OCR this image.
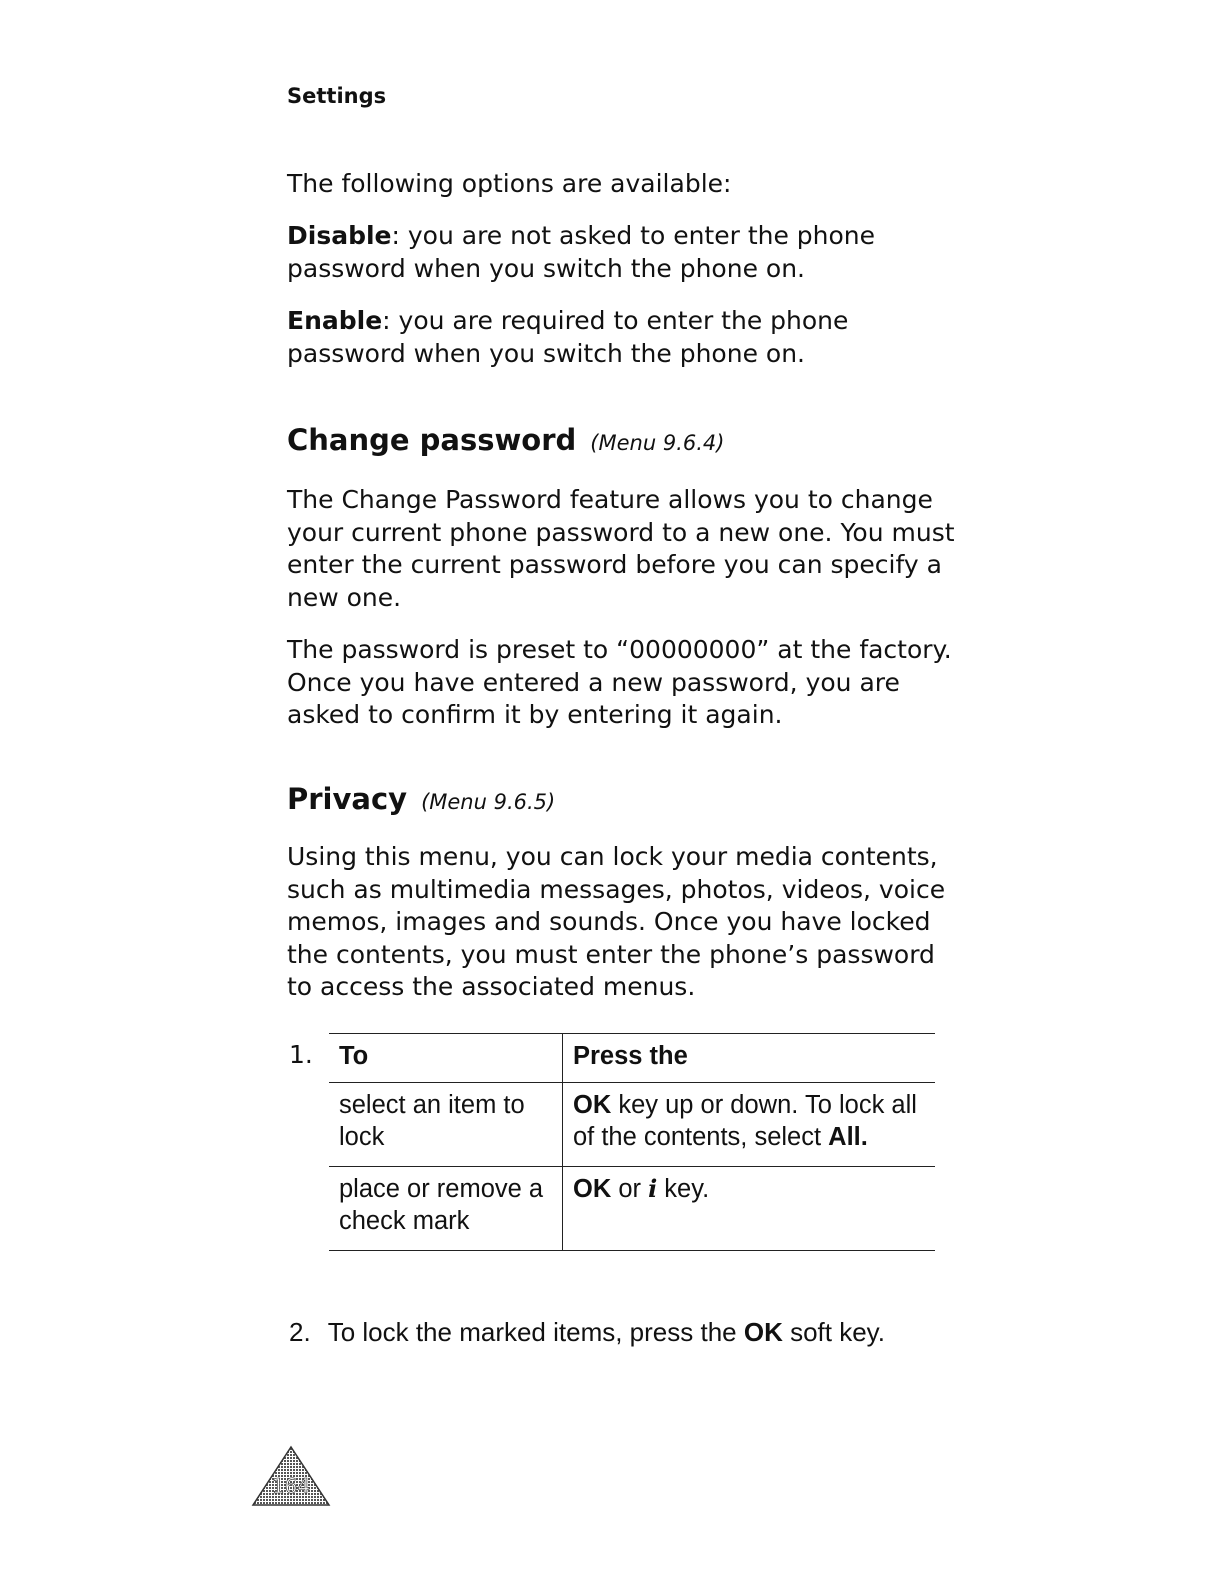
Settings

The following options are available:

Disable: you are not asked to enter the phone password when you switch the phone on.

Enable: you are required to enter the phone password when you switch the phone on.

Change password (Menu 9.6.4)

The Change Password feature allows you to change your current phone password to a new one. You must enter the current password before you can specify a new one.

The password is preset to “00000000” at the factory. Once you have entered a new password, you are asked to confirm it by entering it again.

Privacy (Menu 9.6.5)

Using this menu, you can lock your media contents, such as multimedia messages, photos, videos, voice memos, images and sounds. Once you have locked the contents, you must enter the phone’s password to access the associated menus.

1. To	Press the
select an item to lock	OK key up or down. To lock all of the contents, select All.
place or remove a check mark	OK or i key.
2. To lock the marked items, press the OK soft key.
164
